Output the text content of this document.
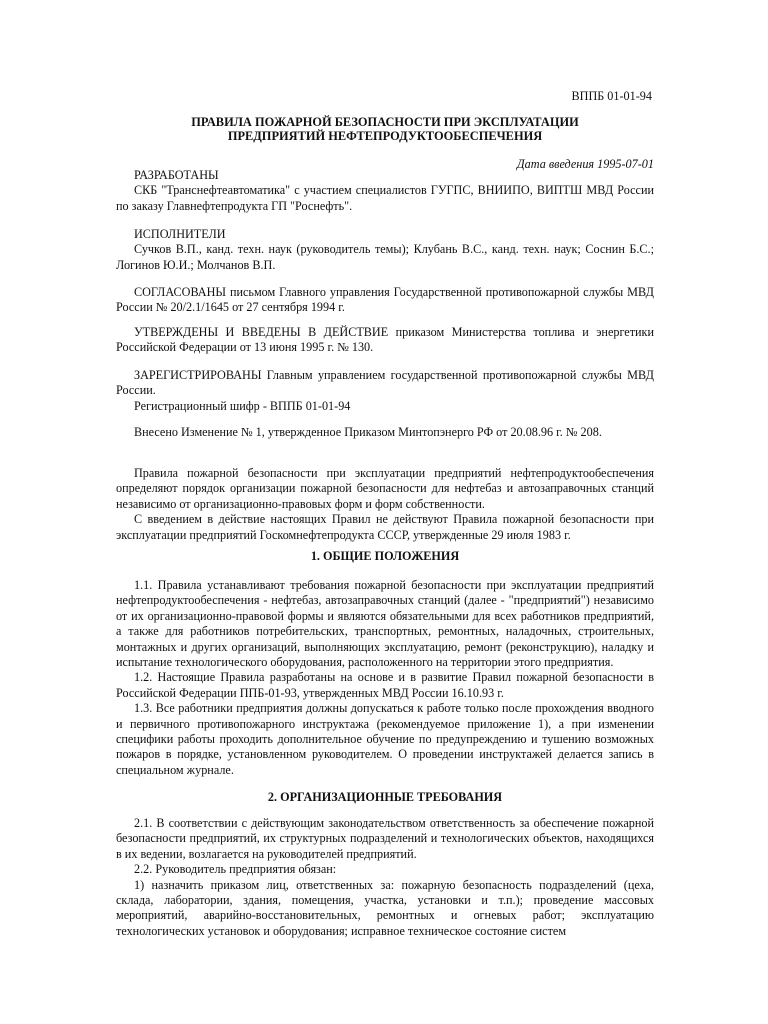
ВППБ 01-01-94
ПРАВИЛА ПОЖАРНОЙ БЕЗОПАСНОСТИ ПРИ ЭКСПЛУАТАЦИИ
ПРЕДПРИЯТИЙ НЕФТЕПРОДУКТООБЕСПЕЧЕНИЯ
Дата введения 1995-07-01
РАЗРАБОТАНЫ

СКБ "Транснефтеавтоматика" с участием специалистов ГУГПС, ВНИИПО, ВИПТШ МВД России по заказу Главнефтепродукта ГП "Роснефть".

ИСПОЛНИТЕЛИ

Сучков В.П., канд. техн. наук (руководитель темы); Клубань В.С., канд. техн. наук; Соснин Б.С.; Логинов Ю.И.; Молчанов В.П.

СОГЛАСОВАНЫ письмом Главного управления Государственной противопожарной службы МВД России № 20/2.1/1645 от 27 сентября 1994 г.

УТВЕРЖДЕНЫ И ВВЕДЕНЫ В ДЕЙСТВИЕ приказом Министерства топлива и энергетики Российской Федерации от 13 июня 1995 г. № 130.

ЗАРЕГИСТРИРОВАНЫ Главным управлением государственной противопожарной службы МВД России.

Регистрационный шифр - ВППБ 01-01-94

Внесено Изменение № 1, утвержденное Приказом Минтопэнерго РФ от 20.08.96 г. № 208.

Правила пожарной безопасности при эксплуатации предприятий нефтепродуктообеспечения определяют порядок организации пожарной безопасности для нефтебаз и автозаправочных станций независимо от организационно-правовых форм и форм собственности.

С введением в действие настоящих Правил не действуют Правила пожарной безопасности при эксплуатации предприятий Госкомнефтепродукта СССР, утвержденные 29 июля 1983 г.

1. ОБЩИЕ ПОЛОЖЕНИЯ

1.1. Правила устанавливают требования пожарной безопасности при эксплуатации предприятий нефтепродуктообеспечения - нефтебаз, автозаправочных станций (далее - "предприятий") независимо от их организационно-правовой формы и являются обязательными для всех работников предприятий, а также для работников потребительских, транспортных, ремонтных, наладочных, строительных, монтажных и других организаций, выполняющих эксплуатацию, ремонт (реконструкцию), наладку и испытание технологического оборудования, расположенного на территории этого предприятия.

1.2. Настоящие Правила разработаны на основе и в развитие Правил пожарной безопасности в Российской Федерации ППБ-01-93, утвержденных МВД России 16.10.93 г.

1.3. Все работники предприятия должны допускаться к работе только после прохождения вводного и первичного противопожарного инструктажа (рекомендуемое приложение 1), а при изменении специфики работы проходить дополнительное обучение по предупреждению и тушению возможных пожаров в порядке, установленном руководителем. О проведении инструктажей делается запись в специальном журнале.

2. ОРГАНИЗАЦИОННЫЕ ТРЕБОВАНИЯ

2.1. В соответствии с действующим законодательством ответственность за обеспечение пожарной безопасности предприятий, их структурных подразделений и технологических объектов, находящихся в их ведении, возлагается на руководителей предприятий.

2.2. Руководитель предприятия обязан:

1) назначить приказом лиц, ответственных за: пожарную безопасность подразделений (цеха, склада, лаборатории, здания, помещения, участка, установки и т.п.); проведение массовых мероприятий, аварийно-восстановительных, ремонтных и огневых работ; эксплуатацию технологических установок и оборудования; исправное техническое состояние систем
